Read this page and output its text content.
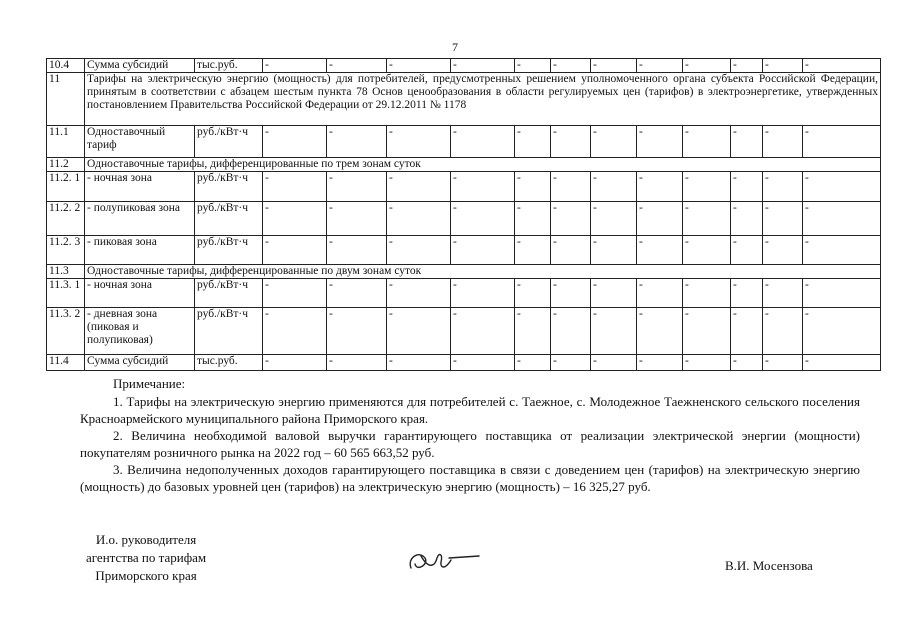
7
10.4	Сумма субсидий	тыс.руб.	-	-	-	-	-	-	-	-	-	-	-	-
11	Тарифы на электрическую энергию (мощность) для потребителей, предусмотренных решением уполномоченного органа субъекта Российской Федерации, принятым в соответствии с абзацем шестым пункта 78 Основ ценообразования в области регулируемых цен (тарифов) в электроэнергетике, утвержденных постановлением Правительства Российской Федерации от 29.12.2011 № 1178													
11.1	Одноставочный тариф	руб./кВт·ч	-	-	-	-	-	-	-	-	-	-	-	-
11.2	Одноставочные тарифы, дифференцированные по трем зонам суток													
11.2. 1	- ночная зона	руб./кВт·ч	-	-	-	-	-	-	-	-	-	-	-	-
11.2. 2	- полупиковая зона	руб./кВт·ч	-	-	-	-	-	-	-	-	-	-	-	-
11.2. 3	- пиковая зона	руб./кВт·ч	-	-	-	-	-	-	-	-	-	-	-	-
11.3	Одноставочные тарифы, дифференцированные по двум зонам суток													
11.3. 1	- ночная зона	руб./кВт·ч	-	-	-	-	-	-	-	-	-	-	-	-
11.3. 2	- дневная зона (пиковая и полупиковая)	руб./кВт·ч	-	-	-	-	-	-	-	-	-	-	-	-
11.4	Сумма субсидий	тыс.руб.	-	-	-	-	-	-	-	-	-	-	-	-
Примечание:
1. Тарифы на электрическую энергию применяются для потребителей с. Таежное, с. Молодежное Таежненского сельского поселения Красноармейского муниципального района Приморского края.
2. Величина необходимой валовой выручки гарантирующего поставщика от реализации электрической энергии (мощности) покупателям розничного рынка на 2022 год – 60 565 663,52 руб.
3. Величина недополученных доходов гарантирующего поставщика в связи с доведением цен (тарифов) на электрическую энергию (мощность) до базовых уровней цен (тарифов) на электрическую энергию (мощность) – 16 325,27 руб.
И.о. руководителя
агентства по тарифам
Приморского края
В.И. Мосензова
